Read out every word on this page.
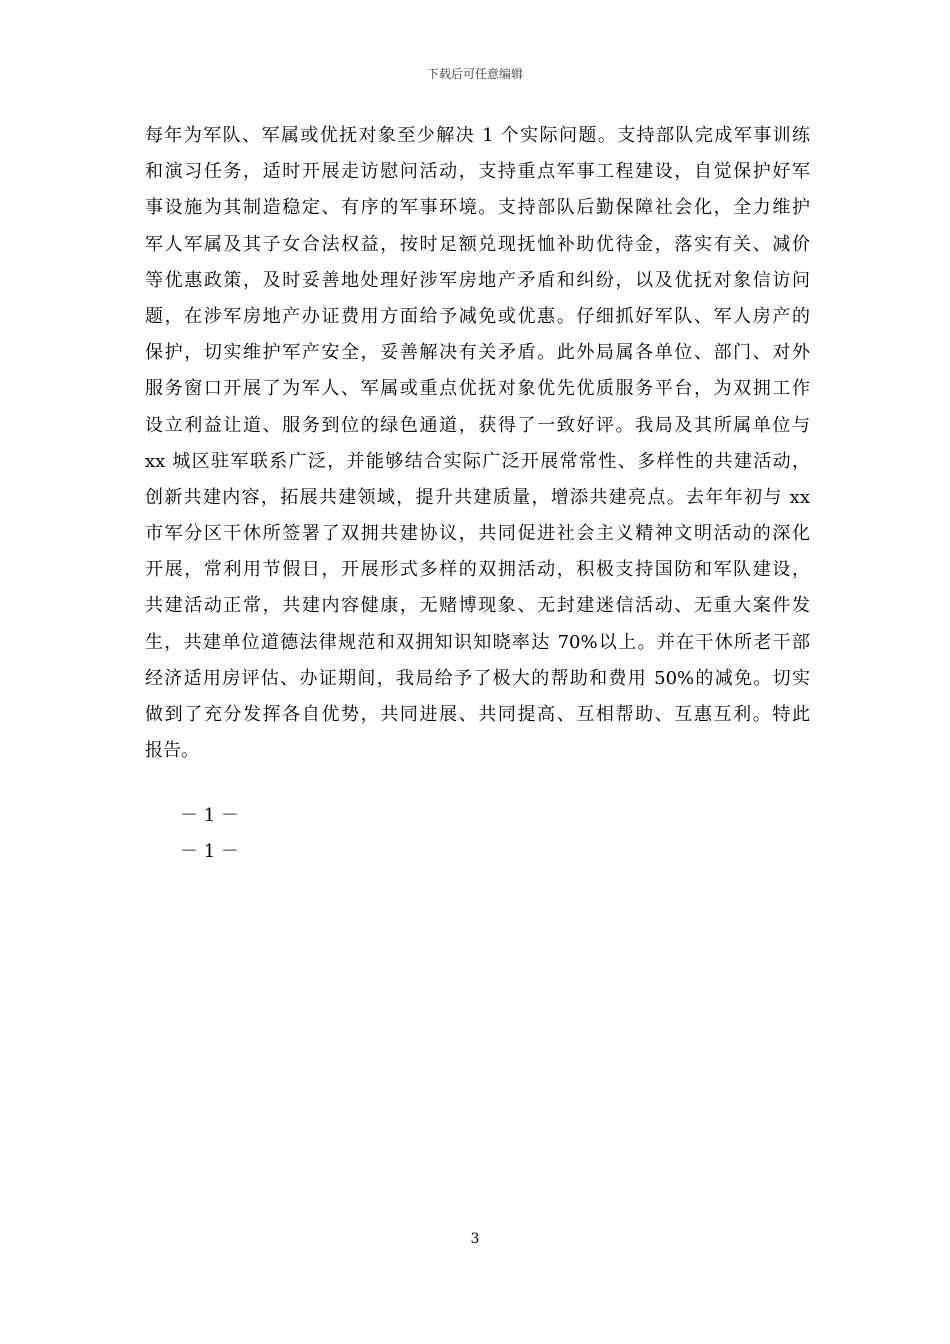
下载后可任意编辑
每年为军队、军属或优抚对象至少解决 1 个实际问题。支持部队完成军事训练
和演习任务，适时开展走访慰问活动，支持重点军事工程建设，自觉保护好军
事设施为其制造稳定、有序的军事环境。支持部队后勤保障社会化，全力维护
军人军属及其子女合法权益，按时足额兑现抚恤补助优待金，落实有关、减价
等优惠政策，及时妥善地处理好涉军房地产矛盾和纠纷，以及优抚对象信访问
题，在涉军房地产办证费用方面给予减免或优惠。仔细抓好军队、军人房产的
保护，切实维护军产安全，妥善解决有关矛盾。此外局属各单位、部门、对外
服务窗口开展了为军人、军属或重点优抚对象优先优质服务平台，为双拥工作
设立利益让道、服务到位的绿色通道，获得了一致好评。我局及其所属单位与
xx 城区驻军联系广泛，并能够结合实际广泛开展常常性、多样性的共建活动，
创新共建内容，拓展共建领域，提升共建质量，增添共建亮点。去年年初与 xx
市军分区干休所签署了双拥共建协议，共同促进社会主义精神文明活动的深化
开展，常利用节假日，开展形式多样的双拥活动，积极支持国防和军队建设，
共建活动正常，共建内容健康，无赌博现象、无封建迷信活动、无重大案件发
生，共建单位道德法律规范和双拥知识知晓率达 70%以上。并在干休所老干部
经济适用房评估、办证期间，我局给予了极大的帮助和费用 50%的减免。切实
做到了充分发挥各自优势，共同进展、共同提高、互相帮助、互惠互利。特此
报告。
－ 1 －
－ 1 －
3
